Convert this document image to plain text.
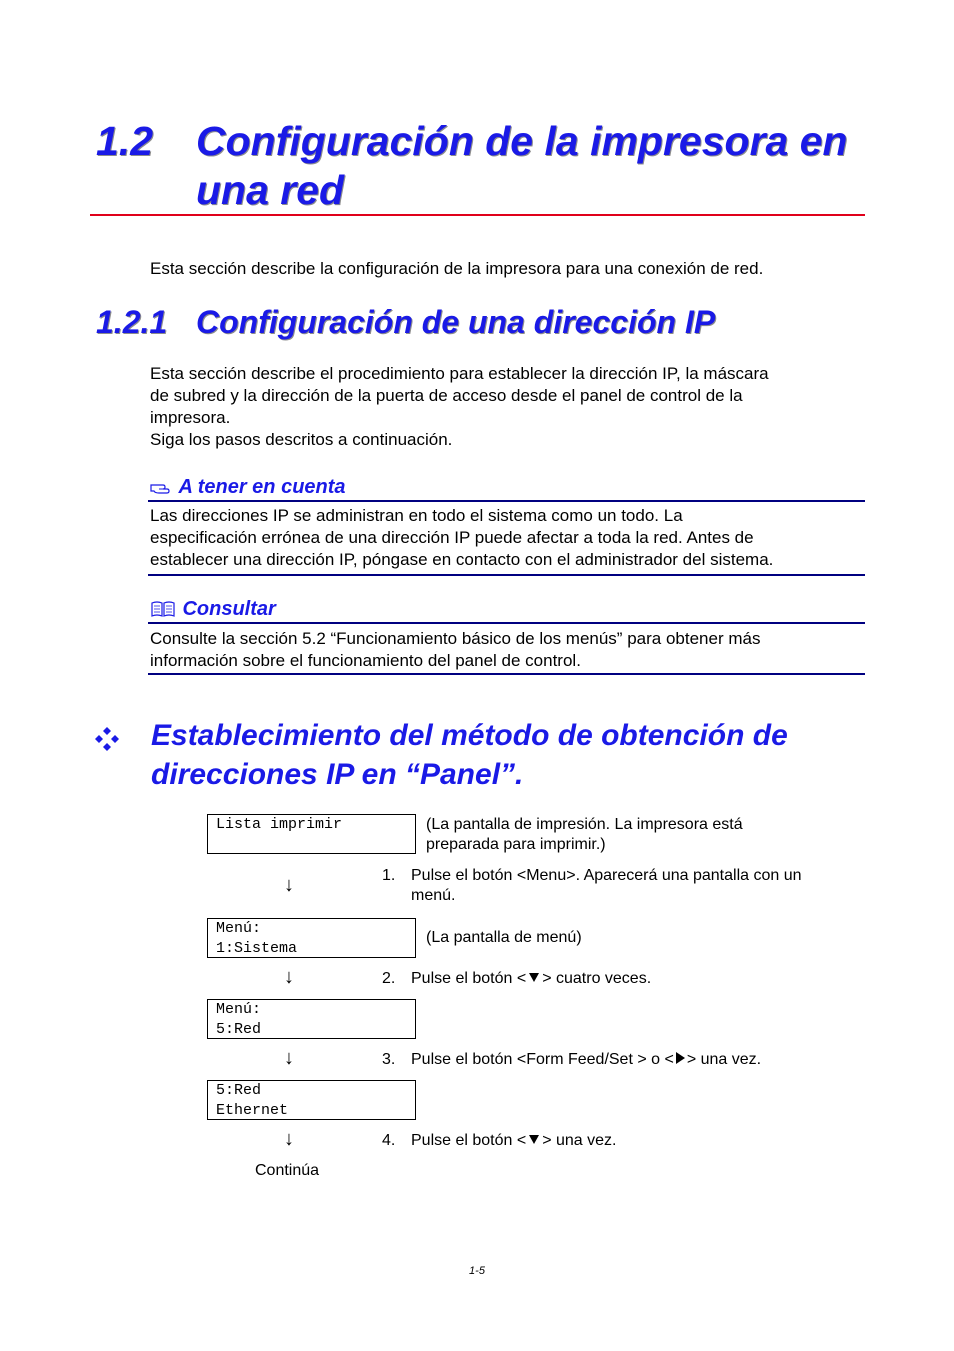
1.2 Configuración de la impresora en
una red
Esta sección describe la configuración de la impresora para una conexión de red.
1.2.1 Configuración de una dirección IP
Esta sección describe el procedimiento para establecer la dirección IP, la máscara
de subred y la dirección de la puerta de acceso desde el panel de control de la
impresora.
Siga los pasos descritos a continuación.
A tener en cuenta
Las direcciones IP se administran en todo el sistema como un todo. La
especificación errónea de una dirección IP puede afectar a toda la red. Antes de
establecer una dirección IP, póngase en contacto con el administrador del sistema.
Consultar
Consulte la sección 5.2 “Funcionamiento básico de los menús” para obtener más
información sobre el funcionamiento del panel de control.
Establecimiento del método de obtención de
direcciones IP en “Panel”.
Lista imprimir	(La pantalla de impresión. La impresora está
preparada para imprimir.)
↓	1. Pulse el botón <Menu>. Aparecerá una pantalla con un
menú.
Menú:
1:Sistema
(La pantalla de menú)
↓	2. Pulse el botón < > cuatro veces.
Menú:
5:Red
↓	3. Pulse el botón <Form Feed/Set > o < > una vez.
5:Red
Ethernet
↓	4. Pulse el botón < > una vez.
Continúa
1-5
